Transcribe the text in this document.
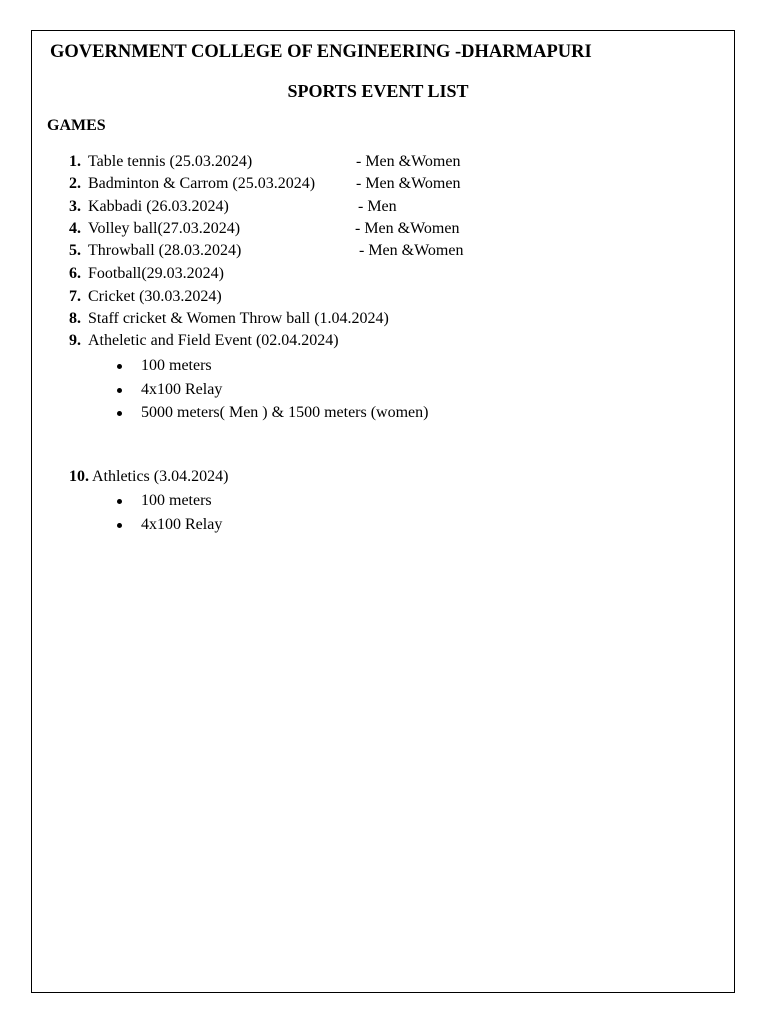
GOVERNMENT COLLEGE OF ENGINEERING -DHARMAPURI
SPORTS EVENT LIST
GAMES
1. Table tennis (25.03.2024)	- Men &Women
2. Badminton & Carrom (25.03.2024)	- Men &Women
3. Kabbadi (26.03.2024)	- Men
4. Volley ball(27.03.2024)	- Men &Women
5. Throwball (28.03.2024)	- Men &Women
6. Football(29.03.2024)
7. Cricket (30.03.2024)
8. Staff cricket & Women Throw ball (1.04.2024)
9. Atheletic and Field Event (02.04.2024)
100 meters
4x100 Relay
5000 meters( Men ) & 1500 meters (women)
10. Athletics (3.04.2024)
100 meters
4x100 Relay
